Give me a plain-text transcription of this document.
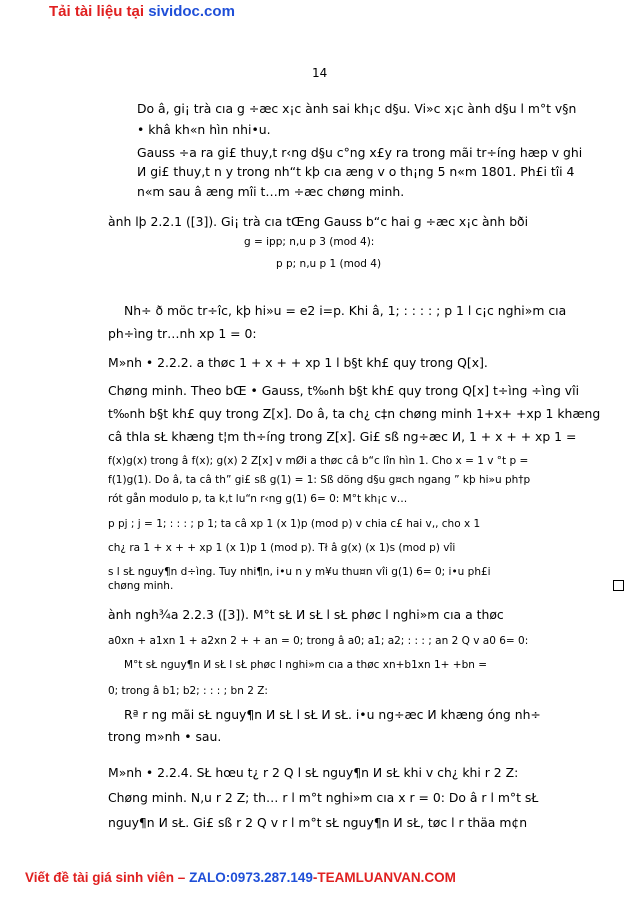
Tải tài liệu tại sividoc.com
14
Do â, gi¡ trà cıa g ÷æc x¡c ành sai kh¡c d§u. Vi»c x¡c ành d§u l m°t v§n
• khâ kh«n hìn nhi•u.
Gauss ÷a ra gi£ thuy‚t r‹ng d§u c°ng x£y ra trong mãi tr÷íng hæp v ghi
И gi£ thuy‚t n y trong nh“t kþ cıa æng v o th¡ng 5 n«m 1801. Ph£i tîi 4
n«m sau â æng mîi t…m ÷æc chøng minh.
ành lþ 2.2.1 ([3]). Gi¡ trà cıa tŒng Gauss b“c hai g ÷æc x¡c ành bði
g = ipp; n‚u p 3 (mod 4):
p p; n‚u p 1 (mod 4)
Nh÷ ð möc tr÷îc, kþ hi»u = e2 i=p. Khi â, 1; : : : : ; p 1 l c¡c nghi»m cıa
ph÷ìng tr…nh xp 1 = 0:
M»nh • 2.2.2. a thøc 1 + x + + xp 1 l b§t kh£ quy trong Q[x].
Chøng minh. Theo bŒ • Gauss, t‰nh b§t kh£ quy trong Q[x] t÷ìng ÷ìng vîi
t‰nh b§t kh£ quy trong Z[x]. Do â, ta ch¿ c‡n chøng minh 1+x+ +xp 1 khæng
câ thla sŁ khæng t¦m th÷íng trong Z[x]. Gi£ sß ng÷æc И, 1 + x + + xp 1 =
f(x)g(x) trong â f(x); g(x) 2 Z[x] v mØi a thøc câ b“c lîn hìn 1. Cho x = 1 v °t p =
f(1)g(1). Do â, ta câ th” gi£ sß g(1) = 1: Sß döng d§u g¤ch ngang ” kþ hi»u ph†p
rót gån modulo p, ta k‚t lu“n r‹ng g(1) 6= 0: M°t kh¡c v…
p pj ; j = 1; : : : ; p 1; ta câ xp 1 (x 1)p (mod p) v chia c£ hai v‚, cho x 1
ch¿ ra 1 + x + + xp 1 (x 1)p 1 (mod p). Tł â g(x) (x 1)s (mod p) vîi
s l sŁ nguy¶n d÷ìng. Tuy nhi¶n, i•u n y m¥u thu¤n vîi g(1) 6= 0; i•u ph£i
chøng minh.
ành ngh¾a 2.2.3 ([3]). M°t sŁ И sŁ l sŁ phøc l nghi»m cıa a thøc
a0xn + a1xn 1 + a2xn 2 + + an = 0; trong â a0; a1; a2; : : : ; an 2 Q v a0 6= 0:
M°t sŁ nguy¶n И sŁ l sŁ phøc l nghi»m cıa a thøc xn+b1xn 1+ +bn =
0; trong â b1; b2; : : : ; bn 2 Z:
Rª r ng mãi sŁ nguy¶n И sŁ l sŁ И sŁ. i•u ng÷æc И khæng óng nh÷
trong m»nh • sau.
M»nh • 2.2.4. SŁ hœu t¿ r 2 Q l sŁ nguy¶n И sŁ khi v ch¿ khi r 2 Z:
Chøng minh. N‚u r 2 Z; th… r l m°t nghi»m cıa x r = 0: Do â r l m°t sŁ
nguy¶n И sŁ. Gi£ sß r 2 Q v r l m°t sŁ nguy¶n И sŁ, tøc l r thäa m¢n
Viết đề tài giá sinh viên – ZALO:0973.287.149-TEAMLUANVAN.COM
